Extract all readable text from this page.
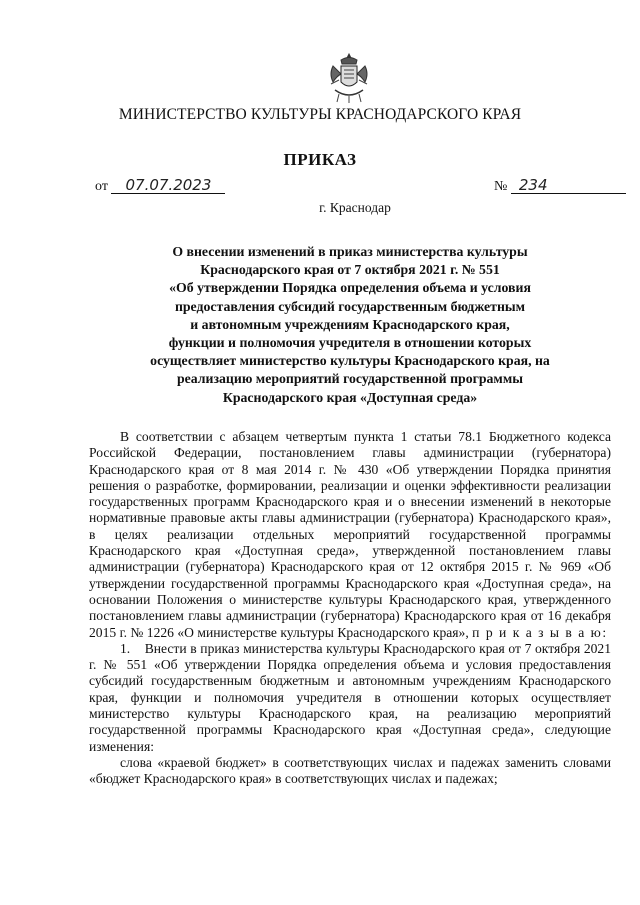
МИНИСТЕРСТВО КУЛЬТУРЫ КРАСНОДАРСКОГО КРАЯ
ПРИКАЗ
от 07.07.2023	№ 234
г. Краснодар
О внесении изменений в приказ министерства культуры
Краснодарского края от 7 октября 2021 г. № 551
«Об утверждении Порядка определения объема и условия
предоставления субсидий государственным бюджетным
и автономным учреждениям Краснодарского края,
функции и полномочия учредителя в отношении которых
осуществляет министерство культуры Краснодарского края, на
реализацию мероприятий государственной программы
Краснодарского края «Доступная среда»

В соответствии с абзацем четвертым пункта 1 статьи 78.1 Бюджетного кодекса Российской Федерации, постановлением главы администрации (губернатора) Краснодарского края от 8 мая 2014 г. № 430 «Об утверждении Порядка принятия решения о разработке, формировании, реализации и оценки эффективности реализации государственных программ Краснодарского края и о внесении изменений в некоторые нормативные правовые акты главы администрации (губернатора) Краснодарского края», в целях реализации отдельных мероприятий государственной программы Краснодарского края «Доступная среда», утвержденной постановлением главы администрации (губернатора) Краснодарского края от 12 октября 2015 г. № 969 «Об утверждении государственной программы Краснодарского края «Доступная среда», на основании Положения о министерстве культуры Краснодарского края, утвержденного постановлением главы администрации (губернатора) Краснодарского края от 16 декабря 2015 г. № 1226 «О министерстве культуры Краснодарского края», п р и к а з ы в а ю:

1. Внести в приказ министерства культуры Краснодарского края от 7 октября 2021 г. № 551 «Об утверждении Порядка определения объема и условия предоставления субсидий государственным бюджетным и автономным учреждениям Краснодарского края, функции и полномочия учредителя в отношении которых осуществляет министерство культуры Краснодарского края, на реализацию мероприятий государственной программы Краснодарского края «Доступная среда», следующие изменения:

слова «краевой бюджет» в соответствующих числах и падежах заменить словами «бюджет Краснодарского края» в соответствующих числах и падежах;
